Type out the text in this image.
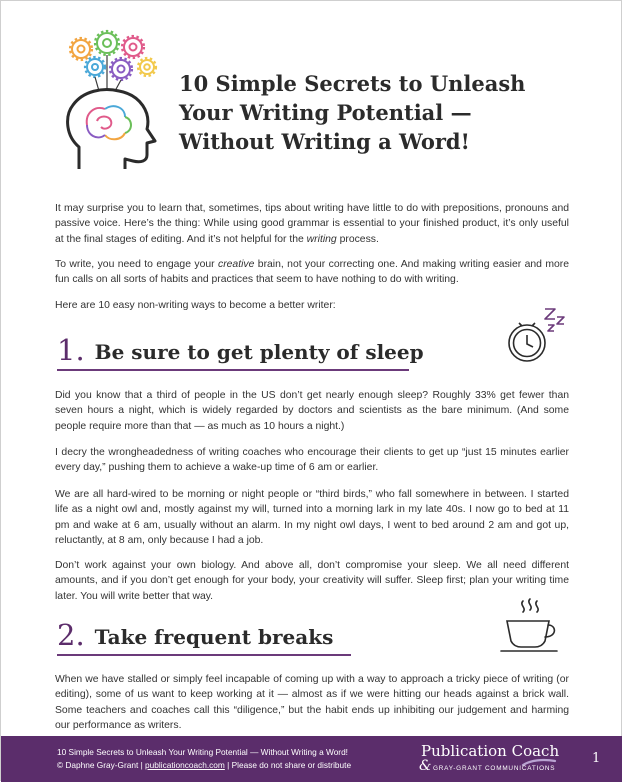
10 Simple Secrets to Unleash
Your Writing Potential —
Without Writing a Word!

It may surprise you to learn that, sometimes, tips about writing have little to do with prepositions, pronouns and passive voice. Here’s the thing: While using good grammar is essential to your finished product, it’s only useful at the final stages of editing. And it’s not helpful for the writing process.

To write, you need to engage your creative brain, not your correcting one. And making writing easier and more fun calls on all sorts of habits and practices that seem to have nothing to do with writing.

Here are 10 easy non-writing ways to become a better writer:

1. Be sure to get plenty of sleep

Did you know that a third of people in the US don’t get nearly enough sleep? Roughly 33% get fewer than seven hours a night, which is widely regarded by doctors and scientists as the bare minimum. (And some people require more than that — as much as 10 hours a night.)

I decry the wrongheadedness of writing coaches who encourage their clients to get up “just 15 minutes earlier every day,” pushing them to achieve a wake-up time of 6 am or earlier.

We are all hard-wired to be morning or night people or “third birds,” who fall somewhere in between. I started life as a night owl and, mostly against my will, turned into a morning lark in my late 40s. I now go to bed at 11 pm and wake at 6 am, usually without an alarm. In my night owl days, I went to bed around 2 am and got up, reluctantly, at 8 am, only because I had a job.

Don’t work against your own biology. And above all, don’t compromise your sleep. We all need different amounts, and if you don’t get enough for your body, your creativity will suffer. Sleep first; plan your writing time later. You will write better that way.

2. Take frequent breaks

When we have stalled or simply feel incapable of coming up with a way to approach a tricky piece of writing (or editing), some of us want to keep working at it — almost as if we were hitting our heads against a brick wall. Some teachers and coaches call this “diligence,” but the habit ends up inhibiting our judgement and harming our performance as writers.

10 Simple Secrets to Unleash Your Writing Potential — Without Writing a Word!
© Daphne Gray-Grant | publicationcoach.com | Please do not share or distribute
Publication Coach
& GRAY-GRANT COMMUNICATIONS
1
